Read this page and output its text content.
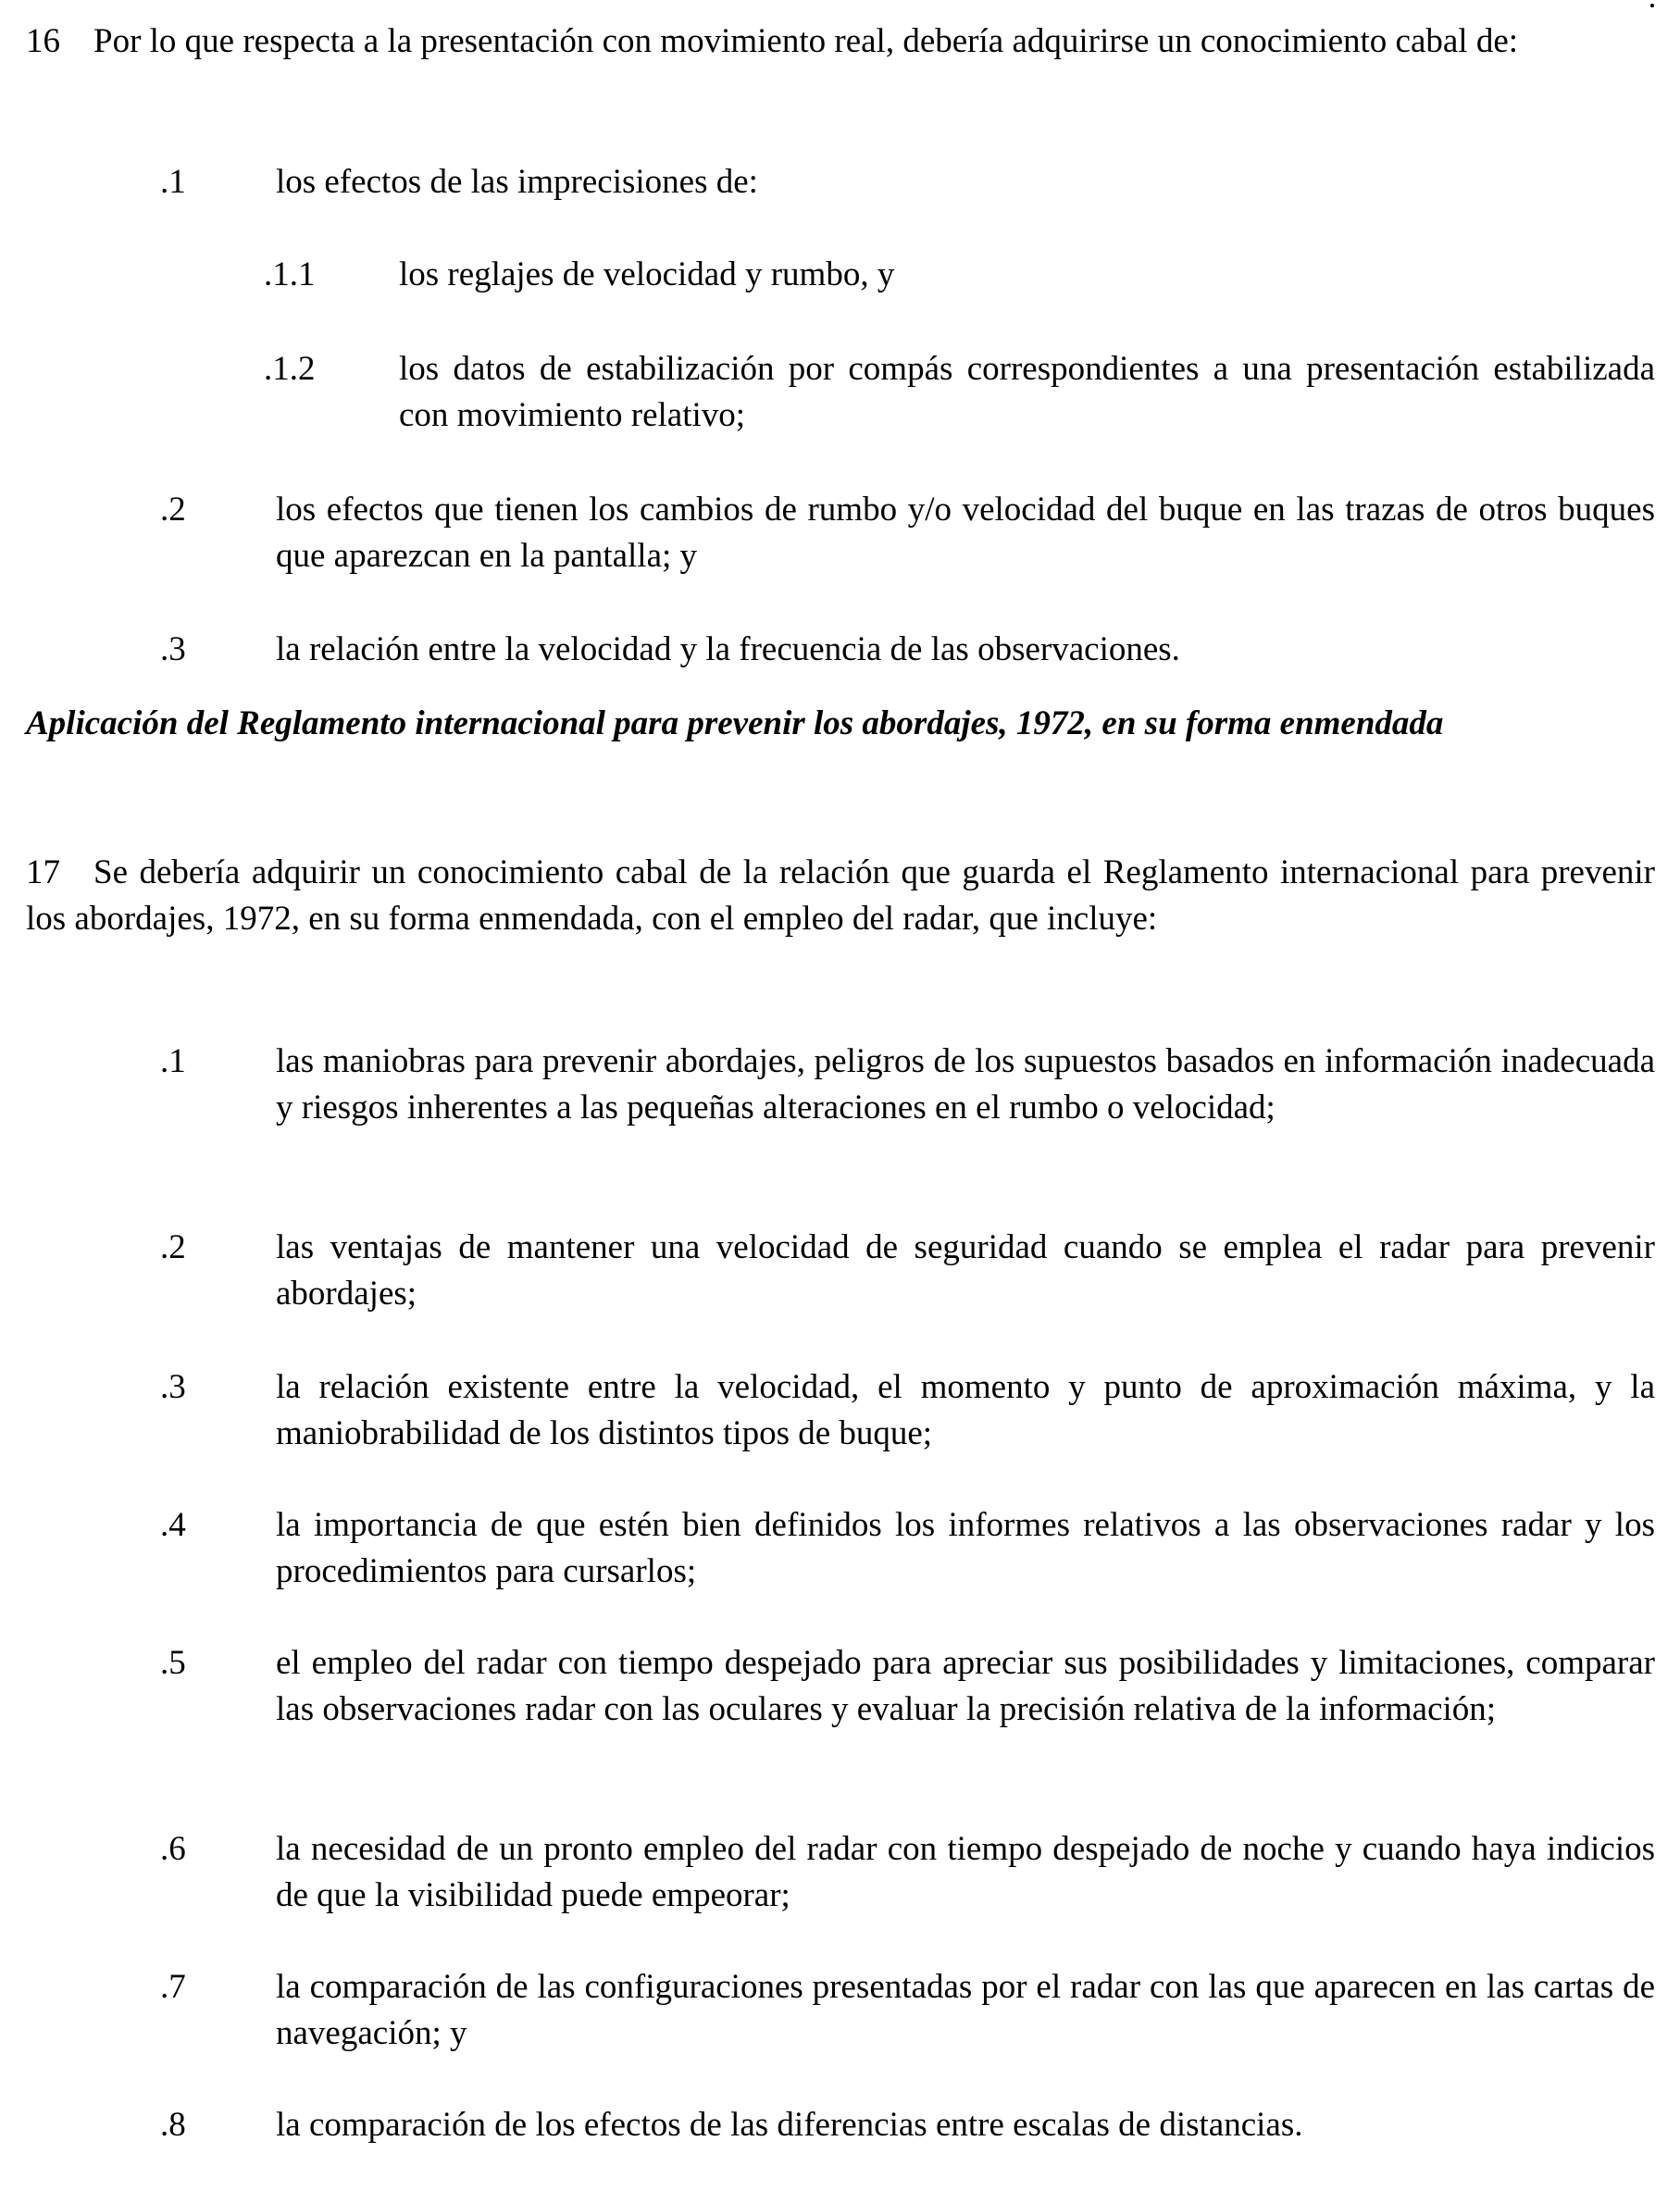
16 Por lo que respecta a la presentación con movimiento real, debería adquirirse un conocimiento cabal de:

.1	los efectos de las imprecisiones de:
.1.1 los reglajes de velocidad y rumbo, y
.1.2 los datos de estabilización por compás correspondientes a una presentación estabilizada con movimiento relativo;
.2	los efectos que tienen los cambios de rumbo y/o velocidad del buque en las trazas de otros buques que aparezcan en la pantalla; y
.3	la relación entre la velocidad y la frecuencia de las observaciones.

Aplicación del Reglamento internacional para prevenir los abordajes, 1972, en su forma enmendada

17 Se debería adquirir un conocimiento cabal de la relación que guarda el Reglamento internacional para prevenir los abordajes, 1972, en su forma enmendada, con el empleo del radar, que incluye:

.1	las maniobras para prevenir abordajes, peligros de los supuestos basados en información inadecuada y riesgos inherentes a las pequeñas alteraciones en el rumbo o velocidad;
.2	las ventajas de mantener una velocidad de seguridad cuando se emplea el radar para prevenir abordajes;
.3	la relación existente entre la velocidad, el momento y punto de aproximación máxima, y la maniobrabilidad de los distintos tipos de buque;
.4	la importancia de que estén bien definidos los informes relativos a las observaciones radar y los procedimientos para cursarlos;
.5	el empleo del radar con tiempo despejado para apreciar sus posibilidades y limitaciones, comparar las observaciones radar con las oculares y evaluar la precisión relativa de la información;
.6	la necesidad de un pronto empleo del radar con tiempo despejado de noche y cuando haya indicios de que la visibilidad puede empeorar;
.7	la comparación de las configuraciones presentadas por el radar con las que aparecen en las cartas de navegación; y
.8	la comparación de los efectos de las diferencias entre escalas de distancias.
